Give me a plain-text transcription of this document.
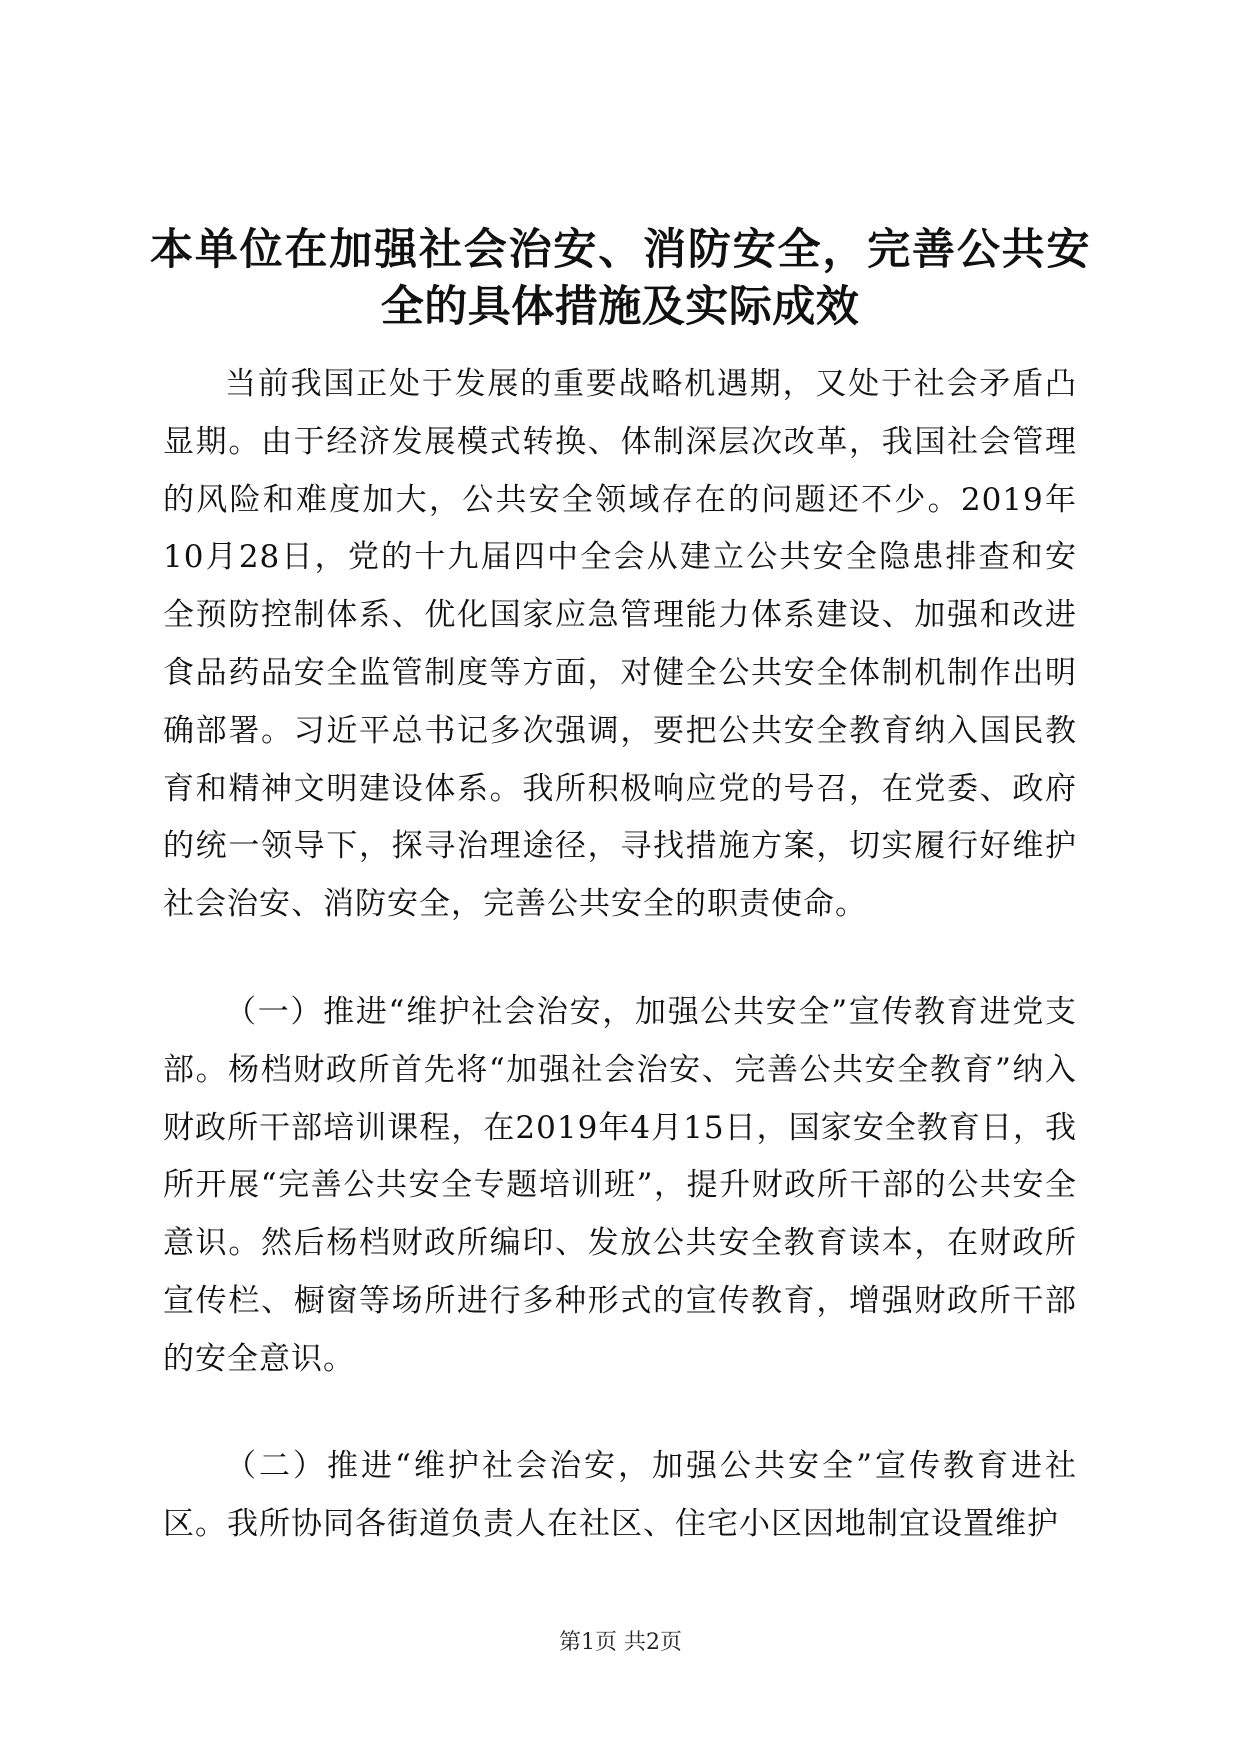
本单位在加强社会治安、消防安全，完善公共安全的具体措施及实际成效

当前我国正处于发展的重要战略机遇期，又处于社会矛盾凸显期。由于经济发展模式转换、体制深层次改革，我国社会管理的风险和难度加大，公共安全领域存在的问题还不少。2019年10月28日，党的十九届四中全会从建立公共安全隐患排查和安全预防控制体系、优化国家应急管理能力体系建设、加强和改进食品药品安全监管制度等方面，对健全公共安全体制机制作出明确部署。习近平总书记多次强调，要把公共安全教育纳入国民教育和精神文明建设体系。我所积极响应党的号召，在党委、政府的统一领导下，探寻治理途径，寻找措施方案，切实履行好维护社会治安、消防安全，完善公共安全的职责使命。

（一）推进“维护社会治安，加强公共安全”宣传教育进党支部。杨档财政所首先将“加强社会治安、完善公共安全教育”纳入财政所干部培训课程，在2019年4月15日，国家安全教育日，我所开展“完善公共安全专题培训班”，提升财政所干部的公共安全意识。然后杨档财政所编印、发放公共安全教育读本，在财政所宣传栏、橱窗等场所进行多种形式的宣传教育，增强财政所干部的安全意识。

（二）推进“维护社会治安，加强公共安全”宣传教育进社区。我所协同各街道负责人在社区、住宅小区因地制宜设置维护

第1页 共2页
